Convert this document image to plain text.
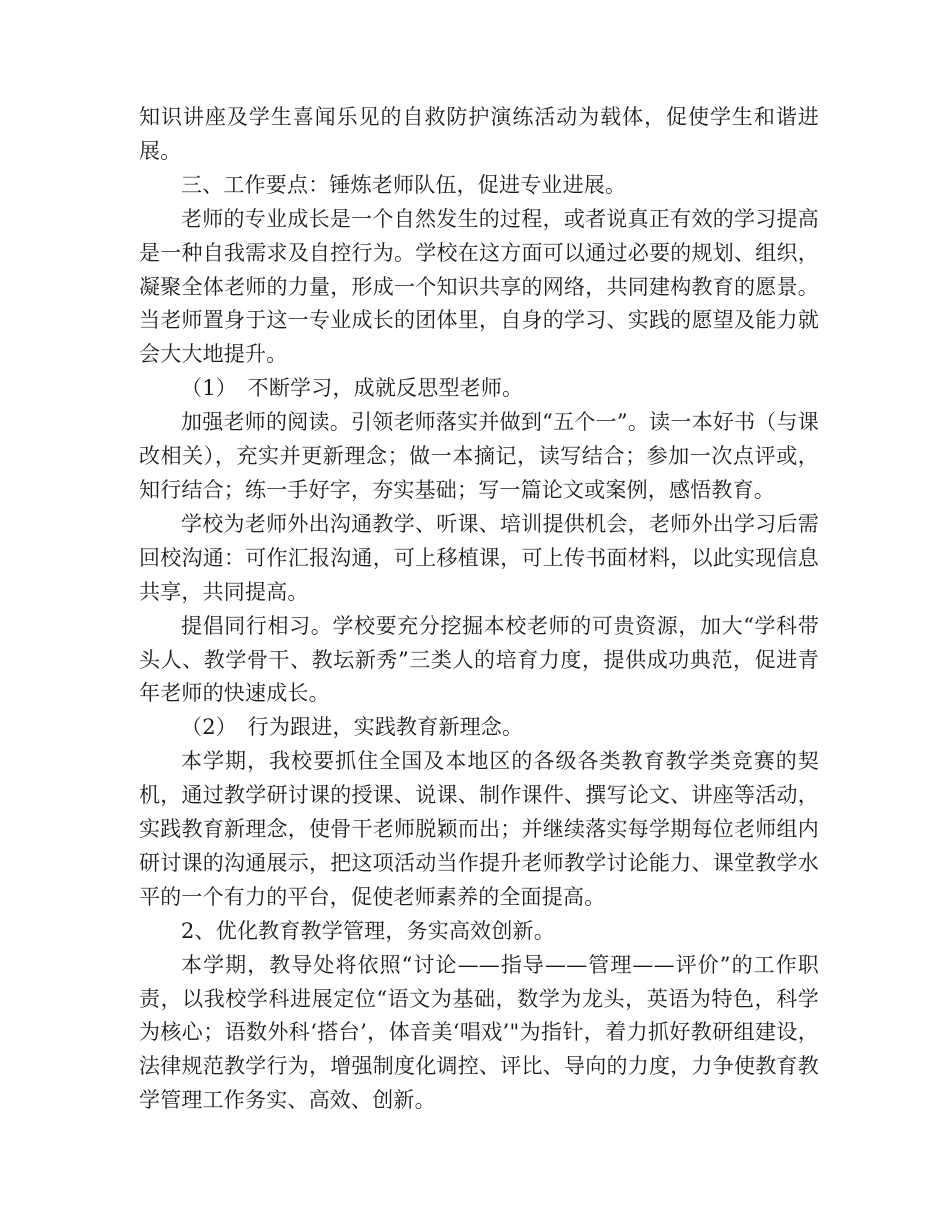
知识讲座及学生喜闻乐见的自救防护演练活动为载体，促使学生和谐进展。

三、工作要点：锤炼老师队伍，促进专业进展。

老师的专业成长是一个自然发生的过程，或者说真正有效的学习提高是一种自我需求及自控行为。学校在这方面可以通过必要的规划、组织，凝聚全体老师的力量，形成一个知识共享的网络，共同建构教育的愿景。当老师置身于这一专业成长的团体里，自身的学习、实践的愿望及能力就会大大地提升。

（1）　不断学习，成就反思型老师。

加强老师的阅读。引领老师落实并做到“五个一”。读一本好书（与课改相关），充实并更新理念；做一本摘记，读写结合；参加一次点评或，知行结合；练一手好字，夯实基础；写一篇论文或案例，感悟教育。

学校为老师外出沟通教学、听课、培训提供机会，老师外出学习后需回校沟通：可作汇报沟通，可上移植课，可上传书面材料，以此实现信息共享，共同提高。

提倡同行相习。学校要充分挖掘本校老师的可贵资源，加大“学科带头人、教学骨干、教坛新秀”三类人的培育力度，提供成功典范，促进青年老师的快速成长。

（2）　行为跟进，实践教育新理念。

本学期，我校要抓住全国及本地区的各级各类教育教学类竞赛的契机，通过教学研讨课的授课、说课、制作课件、撰写论文、讲座等活动，实践教育新理念，使骨干老师脱颖而出；并继续落实每学期每位老师组内研讨课的沟通展示，把这项活动当作提升老师教学讨论能力、课堂教学水平的一个有力的平台，促使老师素养的全面提高。

2、优化教育教学管理，务实高效创新。

本学期，教导处将依照“讨论——指导——管理——评价”的工作职责，以我校学科进展定位“语文为基础，数学为龙头，英语为特色，科学为核心；语数外科‘搭台’，体音美‘唱戏’"为指针，着力抓好教研组建设，法律规范教学行为，增强制度化调控、评比、导向的力度，力争使教育教学管理工作务实、高效、创新。
